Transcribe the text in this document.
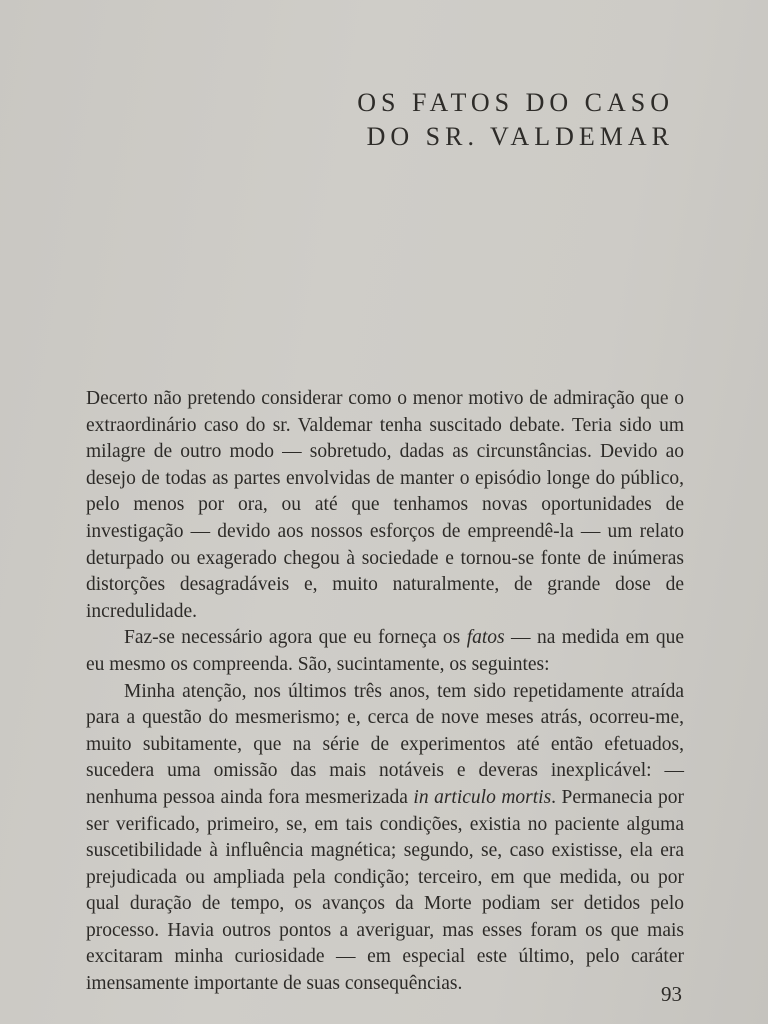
OS FATOS DO CASO
DO SR. VALDEMAR

Decerto não pretendo considerar como o menor motivo de admiração que o extraordinário caso do sr. Valdemar tenha suscitado debate. Teria sido um milagre de outro modo — sobretudo, dadas as circunstâncias. Devido ao desejo de todas as partes envolvidas de manter o episódio longe do público, pelo menos por ora, ou até que tenhamos novas oportunidades de investigação — devido aos nossos esforços de empreendê-la — um relato deturpado ou exagerado chegou à sociedade e tornou-se fonte de inúmeras distorções desagradáveis e, muito naturalmente, de grande dose de incredulidade.

Faz-se necessário agora que eu forneça os fatos — na medida em que eu mesmo os compreenda. São, sucintamente, os seguintes:

Minha atenção, nos últimos três anos, tem sido repetidamente atraída para a questão do mesmerismo; e, cerca de nove meses atrás, ocorreu-me, muito subitamente, que na série de experimentos até então efetuados, sucedera uma omissão das mais notáveis e deveras inexplicável: — nenhuma pessoa ainda fora mesmerizada in articulo mortis. Permanecia por ser verificado, primeiro, se, em tais condições, existia no paciente alguma suscetibilidade à influência magnética; segundo, se, caso existisse, ela era prejudicada ou ampliada pela condição; terceiro, em que medida, ou por qual duração de tempo, os avanços da Morte podiam ser detidos pelo processo. Havia outros pontos a averiguar, mas esses foram os que mais excitaram minha curiosidade — em especial este último, pelo caráter imensamente importante de suas consequências.	93
